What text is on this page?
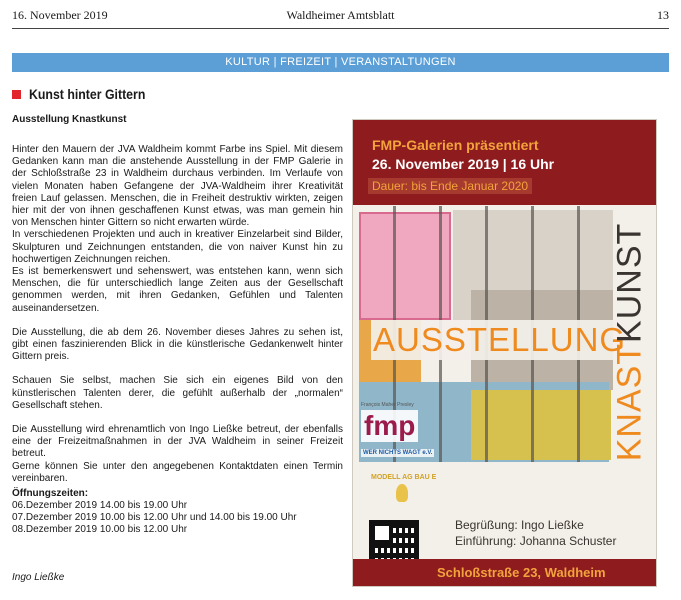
16. November 2019	Waldheimer Amtsblatt	13
KULTUR | FREIZEIT | VERANSTALTUNGEN
Kunst hinter Gittern
Ausstellung Knastkunst

Hinter den Mauern der JVA Waldheim kommt Farbe ins Spiel. Mit diesem Gedanken kann man die anstehende Ausstellung in der FMP Galerie in der Schloßstraße 23 in Waldheim durchaus verbinden. Im Verlaufe von vielen Monaten haben Gefangene der JVA-Waldheim ihrer Kreativität freien Lauf gelassen. Menschen, die in Freiheit destruktiv wirkten, zeigen hier mit der von ihnen geschaffenen Kunst etwas, was man gemein hin von Menschen hinter Gittern so nicht erwarten würde.

In verschiedenen Projekten und auch in kreativer Einzelarbeit sind Bilder, Skulpturen und Zeichnungen entstanden, die von naiver Kunst hin zu hochwertigen Zeichnungen reichen.

Es ist bemerkenswert und sehenswert, was entstehen kann, wenn sich Menschen, die für unterschiedlich lange Zeiten aus der Gesellschaft genommen werden, mit ihren Gedanken, Gefühlen und Talenten auseinandersetzen.

Die Ausstellung, die ab dem 26. November dieses Jahres zu sehen ist, gibt einen faszinierenden Blick in die künstlerische Gedankenwelt hinter Gittern preis.

Schauen Sie selbst, machen Sie sich ein eigenes Bild von den künstlerischen Talenten derer, die gefühlt außerhalb der „normalen“ Gesellschaft stehen.

Die Ausstellung wird ehrenamtlich von Ingo Ließke betreut, der ebenfalls eine der Freizeitmaßnahmen in der JVA Waldheim in seiner Freizeit betreut.

Gerne können Sie unter den angegebenen Kontaktdaten einen Termin vereinbaren.

Öffnungszeiten:
06.Dezember 2019 14.00 bis 19.00 Uhr
07.Dezember 2019 10.00 bis 12.00 Uhr und 14.00 bis 19.00 Uhr
08.Dezember 2019 10.00 bis 12.00 Uhr
Ingo Ließke
FMP-Galerien präsentiert
26. November 2019 | 16 Uhr
Dauer: bis Ende Januar 2020
AUSSTELLUNG
KNASTKUNST
François Maher Presley
fmp
WER NICHTS WAGT e.V.
MODELL AG BAU E
Begrüßung: Ingo Ließke
Einführung: Johanna Schuster
Schloßstraße 23, Waldheim
